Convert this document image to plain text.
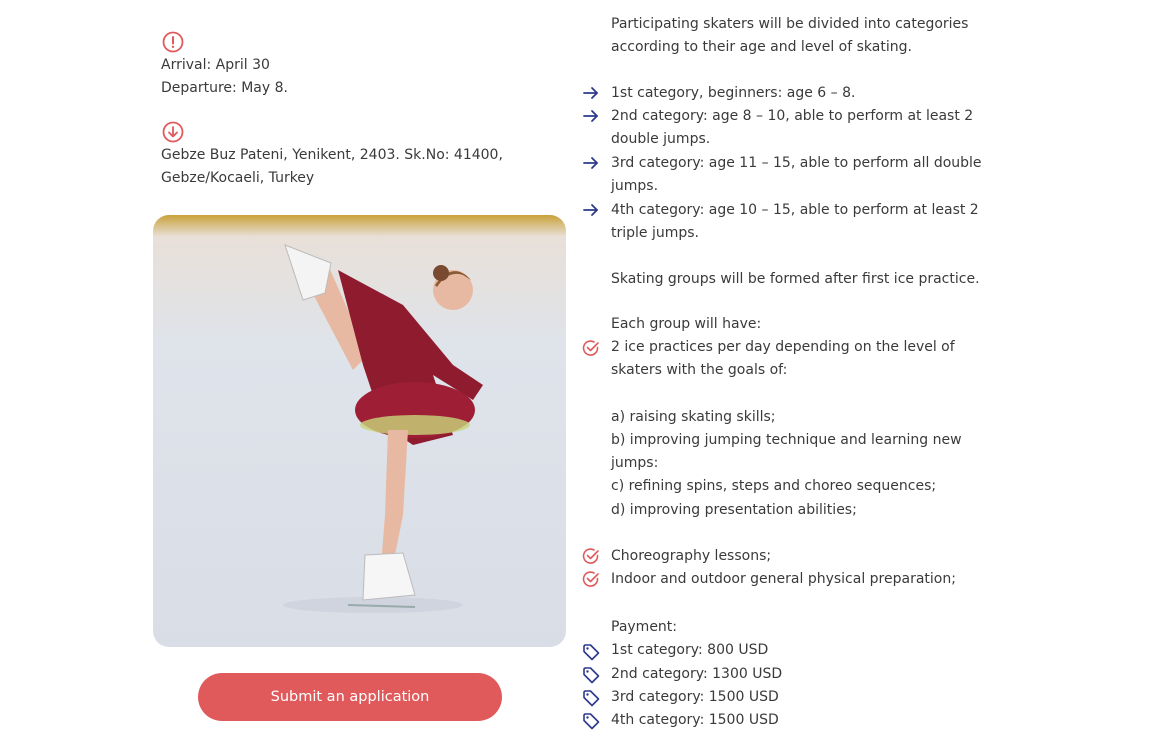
Arrival: April 30
Departure: May 8.
Gebze Buz Pateni, Yenikent, 2403. Sk.No: 41400,
Gebze/Kocaeli, Turkey
Submit an application
Participating skaters will be divided into categories
according to their age and level of skating.
1st category, beginners: age 6 – 8.
2nd category: age 8 – 10, able to perform at least 2
double jumps.
3rd category: age 11 – 15, able to perform all double
jumps.
4th category: age 10 – 15, able to perform at least 2
triple jumps.
Skating groups will be formed after first ice practice.
Each group will have:
2 ice practices per day depending on the level of
skaters with the goals of:
a) raising skating skills;
b) improving jumping technique and learning new
jumps:
c) refining spins, steps and choreo sequences;
d) improving presentation abilities;
Choreography lessons;
Indoor and outdoor general physical preparation;
Payment:
1st category: 800 USD
2nd category: 1300 USD
3rd category: 1500 USD
4th category: 1500 USD
